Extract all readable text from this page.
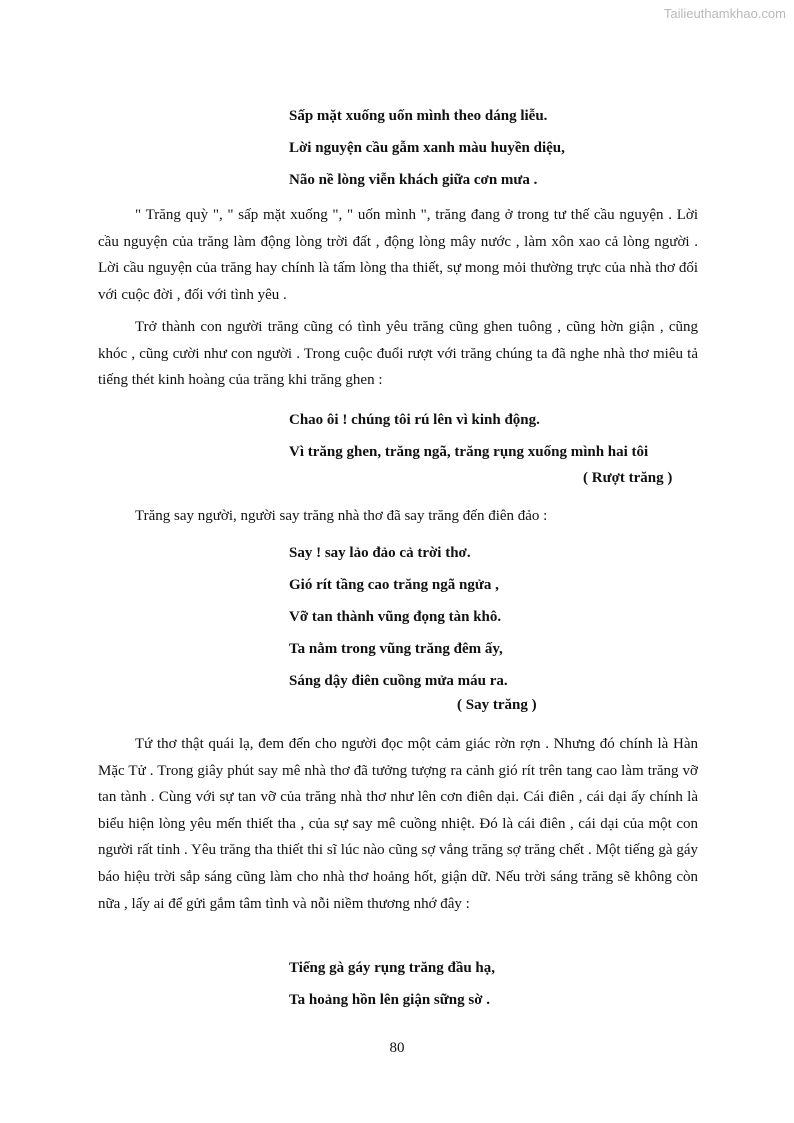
Tailieuthamkhao.com
Sấp mặt xuống uốn mình theo dáng liễu.
Lời nguyện cầu gẫm xanh màu huyền diệu,
Não nề lòng viễn khách giữa cơn mưa .
" Trăng quỳ ", " sấp mặt xuống ", " uốn mình ", trăng đang ở trong tư thế cầu nguyện . Lời cầu nguyện của trăng làm động lòng trời đất , động lòng mây nước , làm xôn xao cả lòng người . Lời cầu nguyện của trăng hay chính là tấm lòng tha thiết, sự mong mỏi thường trực của nhà thơ đối với cuộc đời , đối với tình yêu .
Trở thành con người trăng cũng có tình yêu trăng cũng ghen tuông , cũng hờn giận , cũng khóc , cũng cười như con người . Trong cuộc đuổi rượt với trăng chúng ta đã nghe nhà thơ miêu tả tiếng thét kinh hoàng của trăng khi trăng ghen :
Chao ôi ! chúng tôi rú lên vì kinh động.
Vì trăng ghen, trăng ngã, trăng rụng xuống mình hai tôi
( Rượt trăng )
Trăng say người, người say trăng nhà thơ đã say trăng đến điên đảo :
Say ! say lảo đảo cả trời thơ.
Gió rít tầng cao trăng ngã ngửa ,
Vỡ tan thành vũng đọng tàn khô.
Ta nằm trong vũng trăng đêm ấy,
Sáng dậy điên cuồng mửa máu ra.
( Say trăng )
Tứ thơ thật quái lạ, đem đến cho người đọc một cảm giác rờn rợn . Nhưng đó chính là Hàn Mặc Tử . Trong giây phút say mê nhà thơ đã tưởng tượng ra cảnh gió rít trên tang cao làm trăng vỡ tan tành . Cùng với sự tan vỡ của trăng nhà thơ như lên cơn điên dại. Cái điên , cái dại ấy chính là biểu hiện lòng yêu mến thiết tha , của sự say mê cuồng nhiệt. Đó là cái điên , cái dại của một con người rất tỉnh . Yêu trăng tha thiết thi sĩ lúc nào cũng sợ vắng trăng sợ trăng chết . Một tiếng gà gáy báo hiệu trời sắp sáng cũng làm cho nhà thơ hoảng hốt, giận dữ. Nếu trời sáng trăng sẽ không còn nữa , lấy ai để gửi gắm tâm tình và nỗi niềm thương nhớ đây :
Tiếng gà gáy rụng trăng đầu hạ,
Ta hoảng hồn lên giận sững sờ .
80
